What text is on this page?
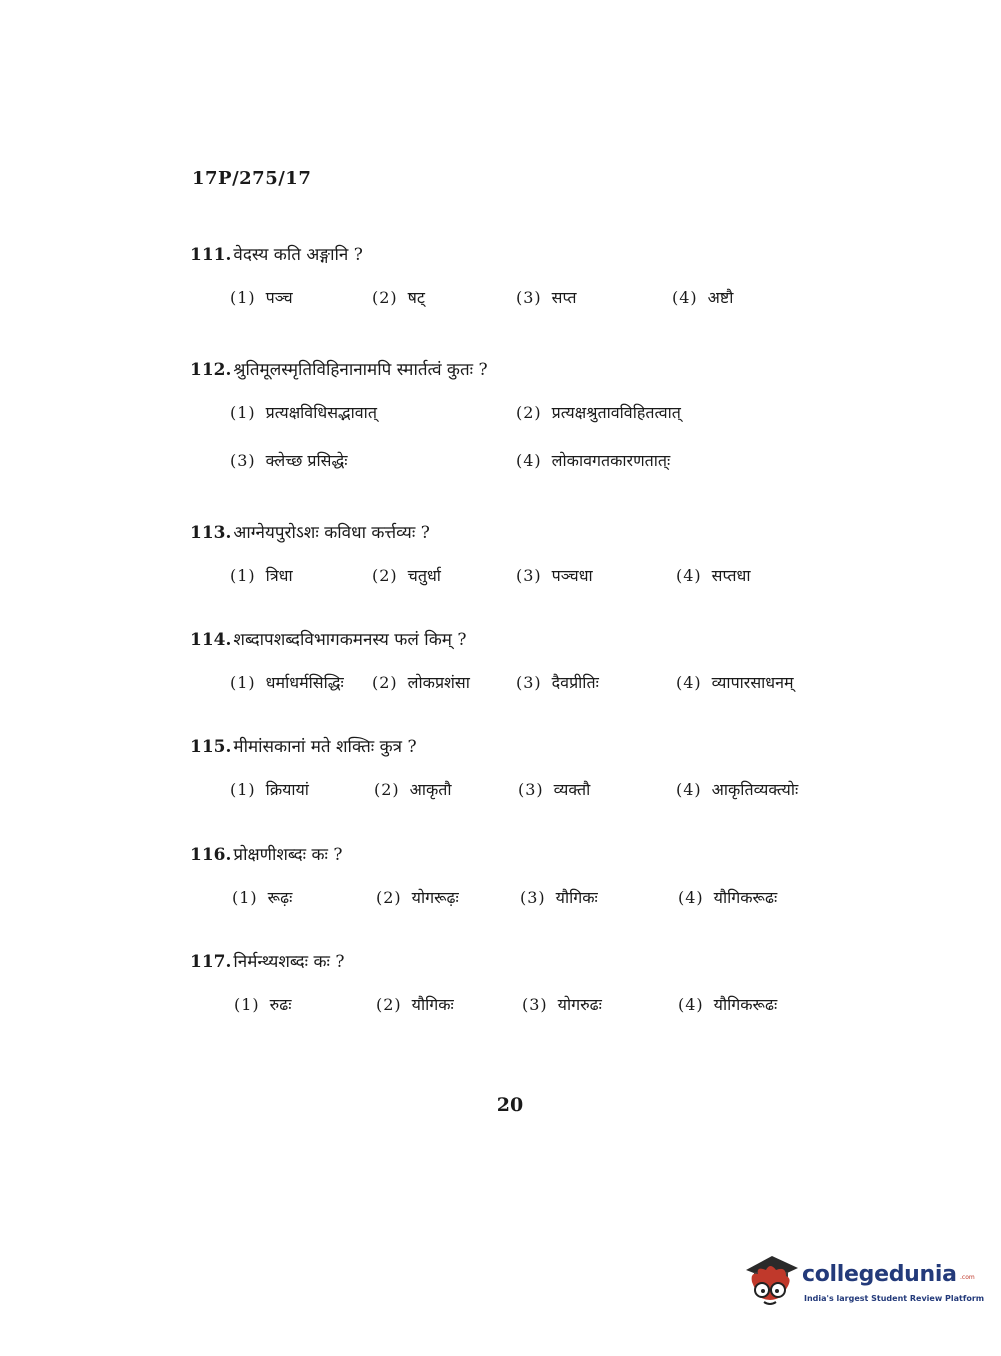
17P/275/17
111. वेदस्य कति अङ्गानि ?
(1) पञ्च	(2) षट्	(3) सप्त	(4) अष्टौ
112. श्रुतिमूलस्मृतिविहिनानामपि स्मार्तत्वं कुतः ?
(1) प्रत्यक्षविधिसद्भावात्	(2) प्रत्यक्षश्रुतावविहितत्वात्
(3) क्लेच्छ प्रसिद्धेः	(4) लोकावगतकारणतात्ः
113. आग्नेयपुरोऽशः कविधा कर्त्तव्यः ?
(1) त्रिधा	(2) चतुर्धा	(3) पञ्चधा	(4) सप्तधा
114. शब्दापशब्दविभागकमनस्य फलं किम् ?
(1) धर्माधर्मसिद्धिः (2) लोकप्रशंसा	(3) दैवप्रीतिः	(4) व्यापारसाधनम्
115. मीमांसकानां मते शक्तिः कुत्र ?
(1) क्रियायां	(2) आकृतौ	(3) व्यक्तौ	(4) आकृतिव्यक्त्योः
116. प्रोक्षणीशब्दः कः ?
(1) रूढ़ः	(2) योगरूढ़ः	(3) यौगिकः	(4) यौगिकरूढः
117. निर्मन्थ्यशब्दः कः ?
(1) रुढः	(2) यौगिकः	(3) योगरुढः	(4) यौगिकरूढः
20
collegedunia .com
India's largest Student Review Platform
